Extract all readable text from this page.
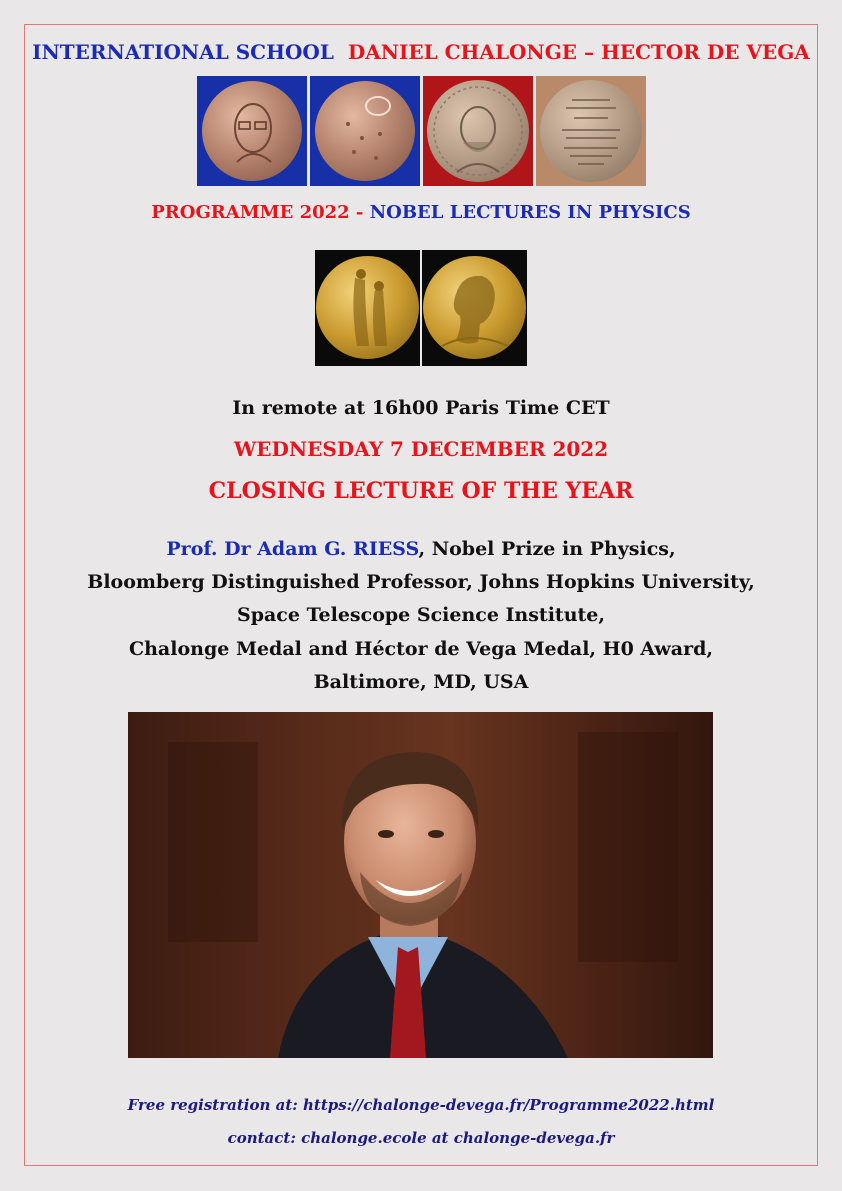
INTERNATIONAL SCHOOL DANIEL CHALONGE – HECTOR DE VEGA
PROGRAMME 2022 - NOBEL LECTURES IN PHYSICS
In remote at 16h00 Paris Time CET
WEDNESDAY 7 DECEMBER 2022
CLOSING LECTURE OF THE YEAR
Prof. Dr Adam G. RIESS, Nobel Prize in Physics,
Bloomberg Distinguished Professor, Johns Hopkins University,
Space Telescope Science Institute,
Chalonge Medal and Héctor de Vega Medal, H0 Award,
Baltimore, MD, USA
Free registration at: https://chalonge-devega.fr/Programme2022.html
contact: chalonge.ecole at chalonge-devega.fr
